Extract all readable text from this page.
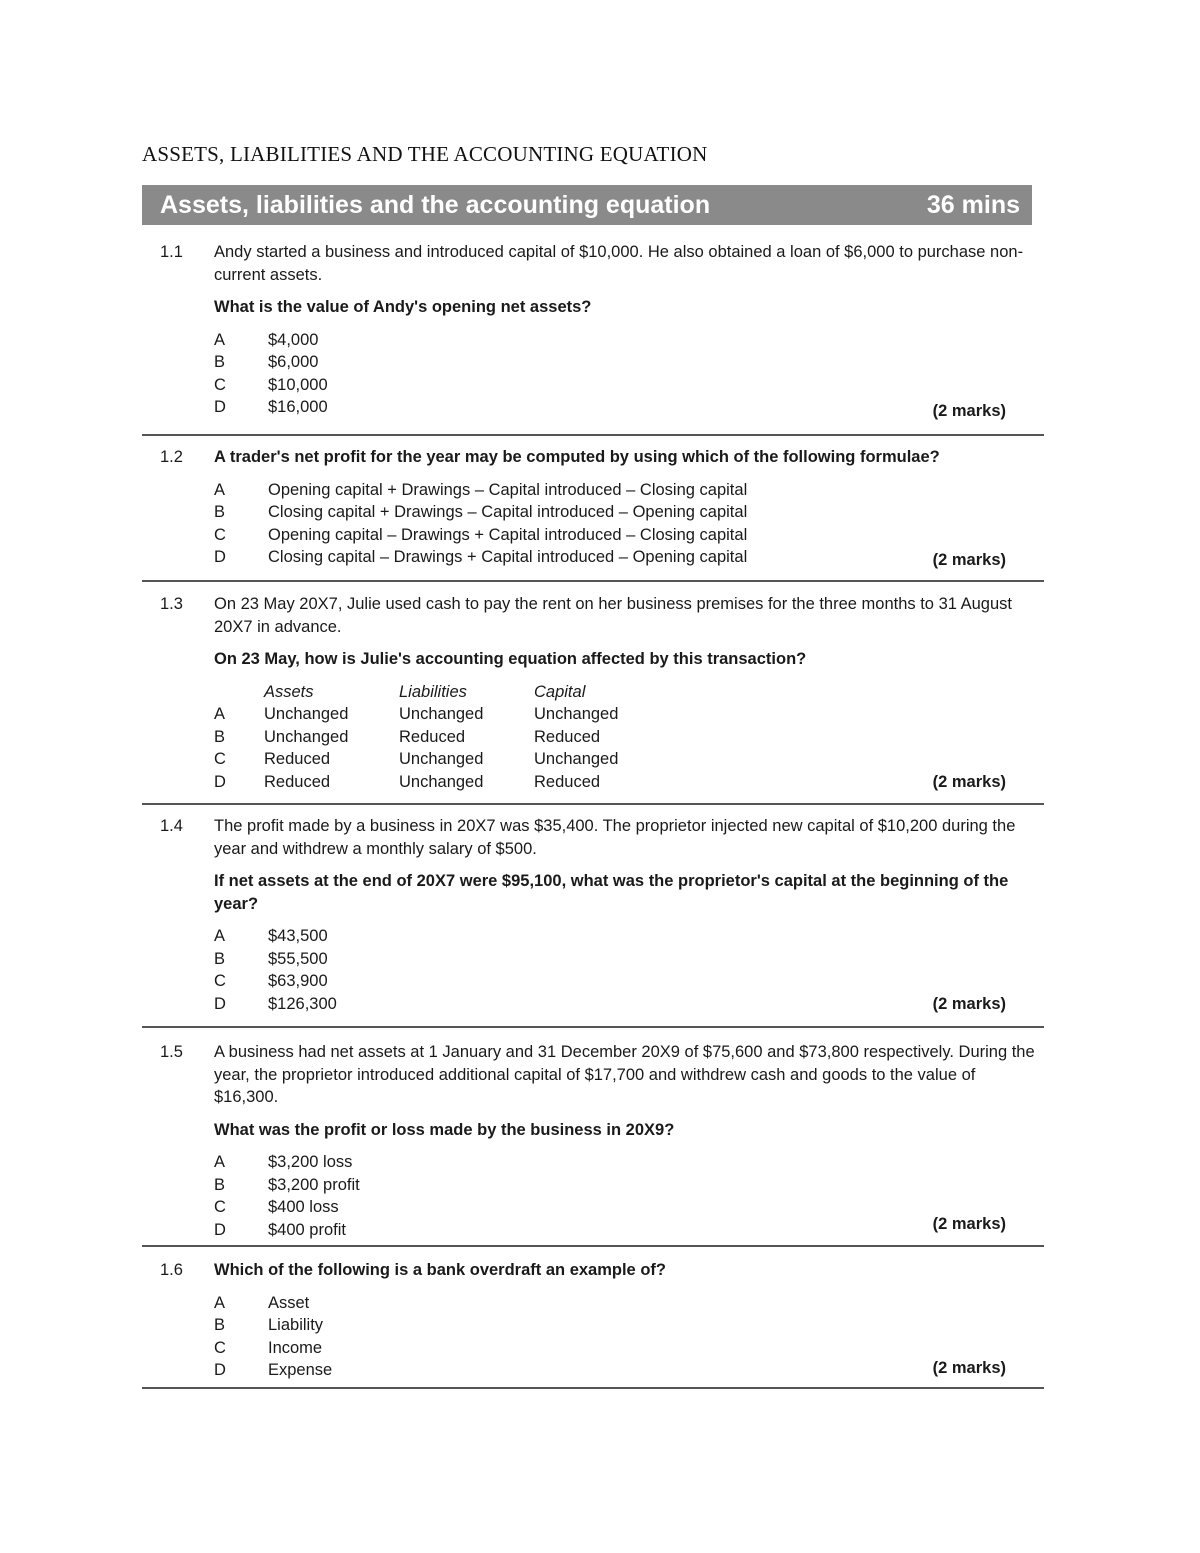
ASSETS, LIABILITIES AND THE ACCOUNTING EQUATION
Assets, liabilities and the accounting equation	36 mins
1.1 Andy started a business and introduced capital of $10,000. He also obtained a loan of $6,000 to purchase non-current assets.

What is the value of Andy's opening net assets?

A	$4,000
B	$6,000
C	$10,000
D	$16,000	(2 marks)
1.2 A trader's net profit for the year may be computed by using which of the following formulae?

A	Opening capital + Drawings – Capital introduced – Closing capital
B	Closing capital + Drawings – Capital introduced – Opening capital
C	Opening capital – Drawings + Capital introduced – Closing capital
D	Closing capital – Drawings + Capital introduced – Opening capital	(2 marks)
1.3 On 23 May 20X7, Julie used cash to pay the rent on her business premises for the three months to 31 August 20X7 in advance.

On 23 May, how is Julie's accounting equation affected by this transaction?

	Assets	Liabilities	Capital
A	Unchanged	Unchanged	Unchanged
B	Unchanged	Reduced	Reduced
C	Reduced	Unchanged	Unchanged
D	Reduced	Unchanged	Reduced	(2 marks)
1.4 The profit made by a business in 20X7 was $35,400. The proprietor injected new capital of $10,200 during the year and withdrew a monthly salary of $500.

If net assets at the end of 20X7 were $95,100, what was the proprietor's capital at the beginning of the year?

A	$43,500
B	$55,500
C	$63,900
D	$126,300	(2 marks)
1.5 A business had net assets at 1 January and 31 December 20X9 of $75,600 and $73,800 respectively. During the year, the proprietor introduced additional capital of $17,700 and withdrew cash and goods to the value of $16,300.

What was the profit or loss made by the business in 20X9?

A	$3,200 loss
B	$3,200 profit
C	$400 loss
D	$400 profit	(2 marks)
1.6 Which of the following is a bank overdraft an example of?

A	Asset
B	Liability
C	Income
D	Expense	(2 marks)
